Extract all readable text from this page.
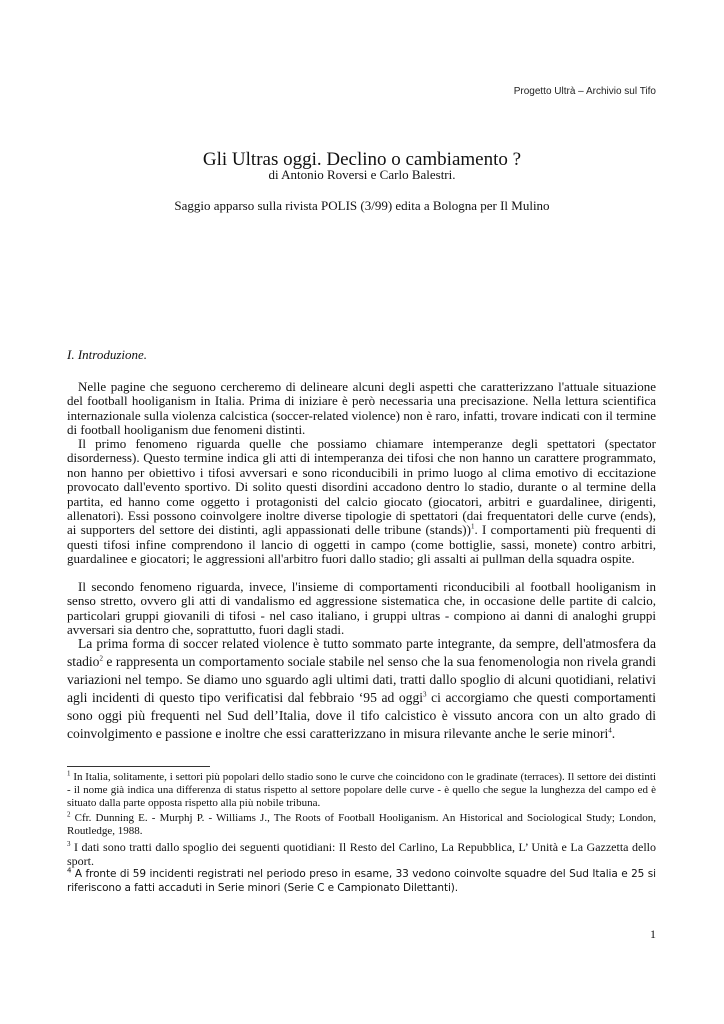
Progetto Ultrà – Archivio sul Tifo
Gli Ultras oggi. Declino o cambiamento ?
di Antonio Roversi e Carlo Balestri.
Saggio apparso sulla rivista POLIS (3/99) edita a Bologna per Il Mulino
I. Introduzione.

Nelle pagine che seguono cercheremo di delineare alcuni degli aspetti che caratterizzano l'attuale situazione del football hooliganism in Italia. Prima di iniziare è però necessaria una precisazione. Nella lettura scientifica internazionale sulla violenza calcistica (soccer-related violence) non è raro, infatti, trovare indicati con il termine di football hooliganism due fenomeni distinti.

Il primo fenomeno riguarda quelle che possiamo chiamare intemperanze degli spettatori (spectator disorderness). Questo termine indica gli atti di intemperanza dei tifosi che non hanno un carattere programmato, non hanno per obiettivo i tifosi avversari e sono riconducibili in primo luogo al clima emotivo di eccitazione provocato dall'evento sportivo. Di solito questi disordini accadono dentro lo stadio, durante o al termine della partita, ed hanno come oggetto i protagonisti del calcio giocato (giocatori, arbitri e guardalinee, dirigenti, allenatori). Essi possono coinvolgere inoltre diverse tipologie di spettatori (dai frequentatori delle curve (ends), ai supporters del settore dei distinti, agli appassionati delle tribune (stands))$^1$. I comportamenti più frequenti di questi tifosi infine comprendono il lancio di oggetti in campo (come bottiglie, sassi, monete) contro arbitri, guardalinee e giocatori; le aggressioni all'arbitro fuori dallo stadio; gli assalti ai pullman della squadra ospite.

Il secondo fenomeno riguarda, invece, l'insieme di comportamenti riconducibili al football hooliganism in senso stretto, ovvero gli atti di vandalismo ed aggressione sistematica che, in occasione delle partite di calcio, particolari gruppi giovanili di tifosi - nel caso italiano, i gruppi ultras - compiono ai danni di analoghi gruppi avversari sia dentro che, soprattutto, fuori dagli stadi.

La prima forma di soccer related violence è tutto sommato parte integrante, da sempre, dell'atmosfera da stadio$^2$ e rappresenta un comportamento sociale stabile nel senso che la sua fenomenologia non rivela grandi variazioni nel tempo. Se diamo uno sguardo agli ultimi dati, tratti dallo spoglio di alcuni quotidiani, relativi agli incidenti di questo tipo verificatisi dal febbraio ‘95 ad oggi$^3$ ci accorgiamo che questi comportamenti sono oggi più frequenti nel Sud dell’Italia, dove il tifo calcistico è vissuto ancora con un alto grado di coinvolgimento e passione e inoltre che essi caratterizzano in misura rilevante anche le serie minori$^4$.

$^1$ In Italia, solitamente, i settori più popolari dello stadio sono le curve che coincidono con le gradinate (terraces). Il settore dei distinti - il nome già indica una differenza di status rispetto al settore popolare delle curve - è quello che segue la lunghezza del campo ed è situato dalla parte opposta rispetto alla più nobile tribuna.

$^2$ Cfr. Dunning E. - Murphj P. - Williams J., The Roots of Football Hooliganism. An Historical and Sociological Study; London, Routledge, 1988.

$^3$ I dati sono tratti dallo spoglio dei seguenti quotidiani: Il Resto del Carlino, La Repubblica, L’ Unità e La Gazzetta dello sport.

$^4$ A fronte di 59 incidenti registrati nel periodo preso in esame, 33 vedono coinvolte squadre del Sud Italia e 25 si riferiscono a fatti accaduti in Serie minori (Serie C e Campionato Dilettanti).

1
